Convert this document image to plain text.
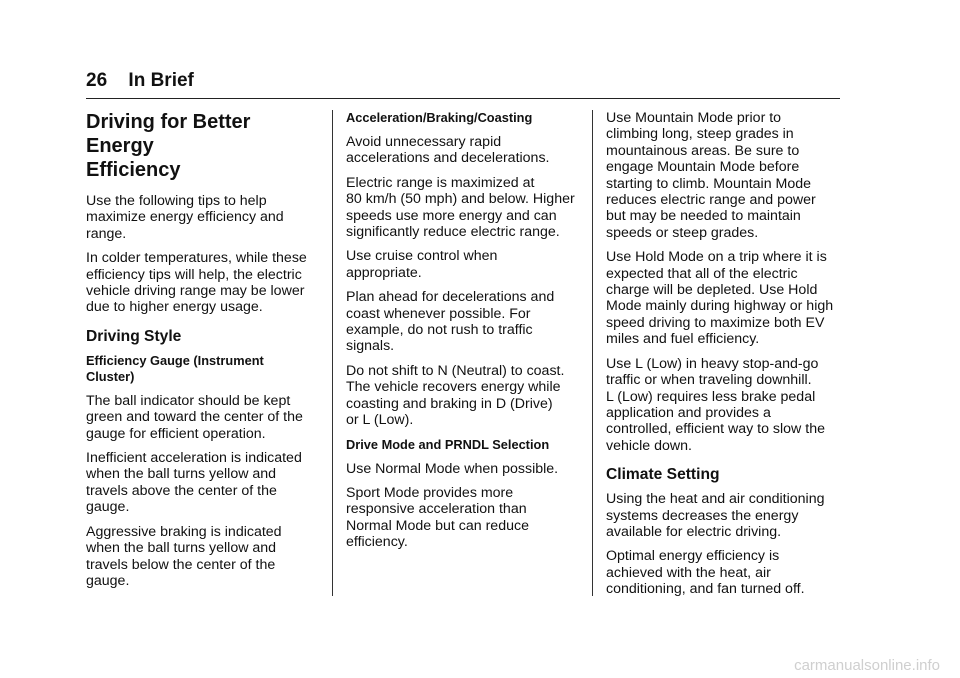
26 In Brief
Driving for Better Energy
Efficiency

Use the following tips to help
maximize energy efficiency and
range.

In colder temperatures, while these
efficiency tips will help, the electric
vehicle driving range may be lower
due to higher energy usage.

Driving Style
Efficiency Gauge (Instrument
Cluster)

The ball indicator should be kept
green and toward the center of the
gauge for efficient operation.

Inefficient acceleration is indicated
when the ball turns yellow and
travels above the center of the
gauge.

Aggressive braking is indicated
when the ball turns yellow and
travels below the center of the
gauge.

Acceleration/Braking/Coasting

Avoid unnecessary rapid
accelerations and decelerations.

Electric range is maximized at
80 km/h (50 mph) and below. Higher
speeds use more energy and can
significantly reduce electric range.

Use cruise control when
appropriate.

Plan ahead for decelerations and
coast whenever possible. For
example, do not rush to traffic
signals.

Do not shift to N (Neutral) to coast.
The vehicle recovers energy while
coasting and braking in D (Drive)
or L (Low).

Drive Mode and PRNDL Selection

Use Normal Mode when possible.

Sport Mode provides more
responsive acceleration than
Normal Mode but can reduce
efficiency.

Use Mountain Mode prior to
climbing long, steep grades in
mountainous areas. Be sure to
engage Mountain Mode before
starting to climb. Mountain Mode
reduces electric range and power
but may be needed to maintain
speeds or steep grades.

Use Hold Mode on a trip where it is
expected that all of the electric
charge will be depleted. Use Hold
Mode mainly during highway or high
speed driving to maximize both EV
miles and fuel efficiency.

Use L (Low) in heavy stop-and-go
traffic or when traveling downhill.
L (Low) requires less brake pedal
application and provides a
controlled, efficient way to slow the
vehicle down.

Climate Setting

Using the heat and air conditioning
systems decreases the energy
available for electric driving.

Optimal energy efficiency is
achieved with the heat, air
conditioning, and fan turned off.

carmanualsonline.info
